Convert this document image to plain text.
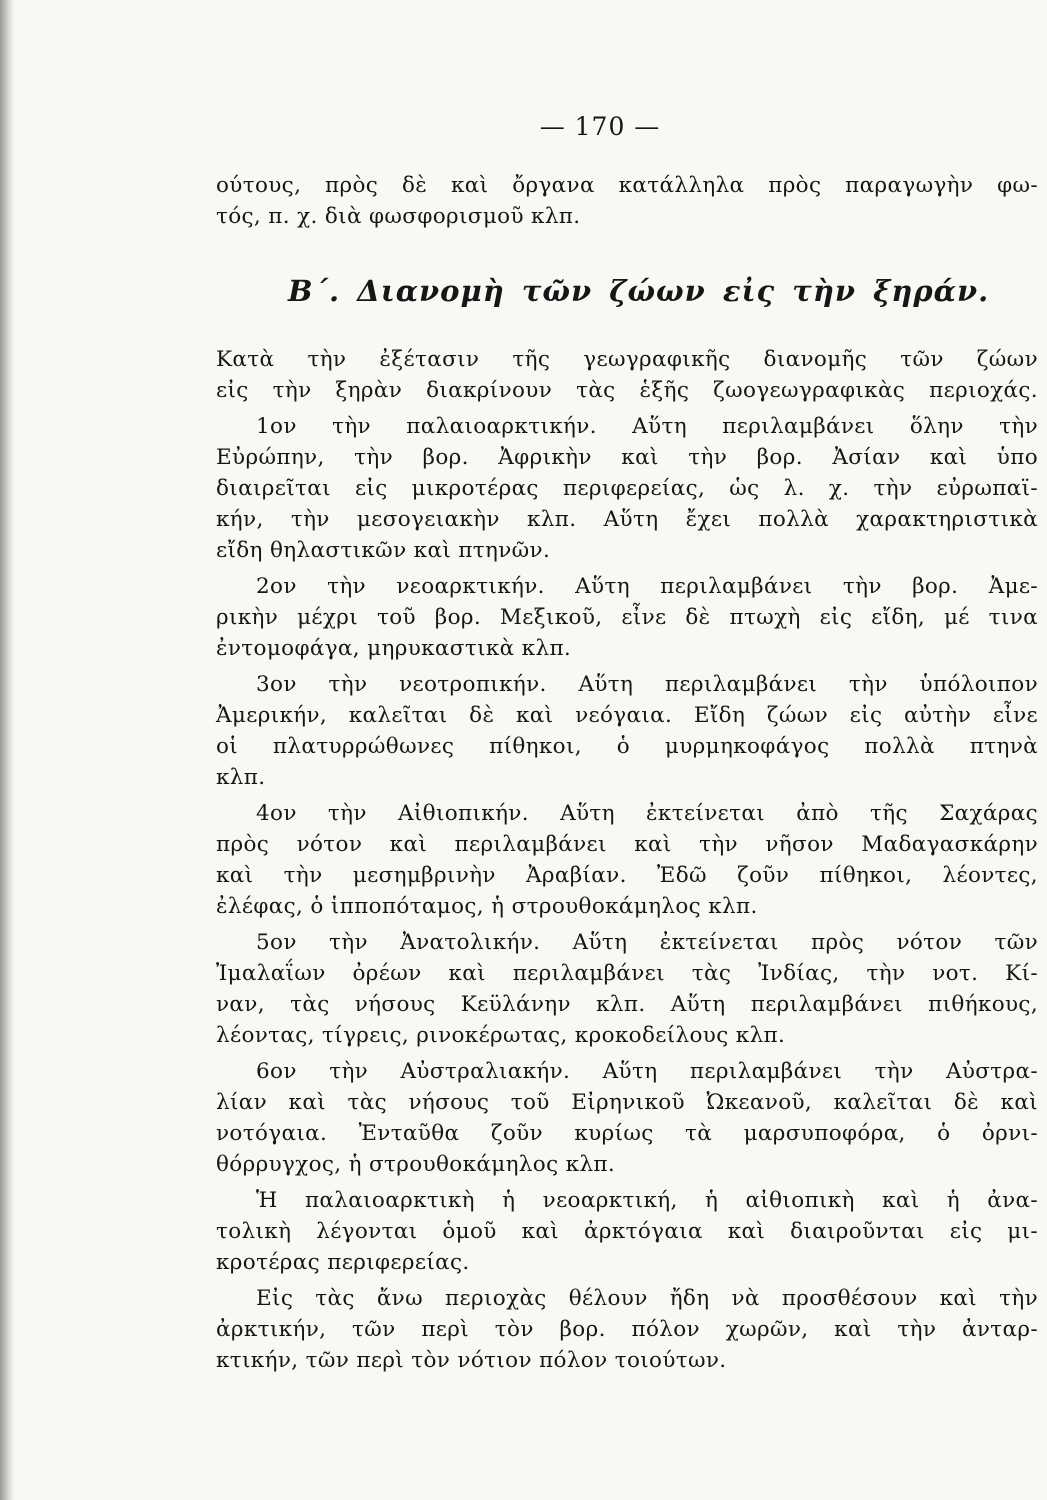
— 170 —
ούτους, πρὸς δὲ καὶ ὄργανα κατάλληλα πρὸς παραγωγὴν φω-
τός, π. χ. διὰ φωσφορισμοῦ κλπ.
Β΄. Διανομὴ τῶν ζώων εἰς τὴν ξηράν.
Κατὰ τὴν ἐξέτασιν τῆς γεωγραφικῆς διανομῆς τῶν ζώων
εἰς τὴν ξηρὰν διακρίνουν τὰς ἑξῆς ζωογεωγραφικὰς περιοχάς.
1ον τὴν παλαιοαρκτικήν. Αὕτη περιλαμβάνει ὅλην τὴν
Εὐρώπην, τὴν βορ. Ἀφρικὴν καὶ τὴν βορ. Ἀσίαν καὶ ὑπο
διαιρεῖται εἰς μικροτέρας περιφερείας, ὡς λ. χ. τὴν εὐρωπαϊ-
κήν, τὴν μεσογειακὴν κλπ. Αὕτη ἔχει πολλὰ χαρακτηριστικὰ
εἴδη θηλαστικῶν καὶ πτηνῶν.
2ον τὴν νεοαρκτικήν. Αὕτη περιλαμβάνει τὴν βορ. Ἀμε-
ρικὴν μέχρι τοῦ βορ. Μεξικοῦ, εἶνε δὲ πτωχὴ εἰς εἴδη, μέ τινα
ἐντομοφάγα, μηρυκαστικὰ κλπ.
3ον τὴν νεοτροπικήν. Αὕτη περιλαμβάνει τὴν ὑπόλοιπον
Ἀμερικήν, καλεῖται δὲ καὶ νεόγαια. Εἴδη ζώων εἰς αὐτὴν εἶνε
οἱ πλατυρρώθωνες πίθηκοι, ὁ μυρμηκοφάγος πολλὰ πτηνὰ
κλπ.
4ον τὴν Αἰθιοπικήν. Αὕτη ἐκτείνεται ἀπὸ τῆς Σαχάρας
πρὸς νότον καὶ περιλαμβάνει καὶ τὴν νῆσον Μαδαγασκάρην
καὶ τὴν μεσημβρινὴν Ἀραβίαν. Ἐδῶ ζοῦν πίθηκοι, λέοντες,
ἐλέφας, ὁ ἱπποπόταμος, ἡ στρουθοκάμηλος κλπ.
5ον τὴν Ἀνατολικήν. Αὕτη ἐκτείνεται πρὸς νότον τῶν
Ἰμαλαΐων ὀρέων καὶ περιλαμβάνει τὰς Ἰνδίας, τὴν νοτ. Κί-
ναν, τὰς νήσους Κεϋλάνην κλπ. Αὕτη περιλαμβάνει πιθήκους,
λέοντας, τίγρεις, ρινοκέρωτας, κροκοδείλους κλπ.
6ον τὴν Αὐστραλιακήν. Αὕτη περιλαμβάνει τὴν Αὐστρα-
λίαν καὶ τὰς νήσους τοῦ Εἰρηνικοῦ Ὠκεανοῦ, καλεῖται δὲ καὶ
νοτόγαια. Ἐνταῦθα ζοῦν κυρίως τὰ μαρσυποφόρα, ὁ ὀρνι-
θόρρυγχος, ἡ στρουθοκάμηλος κλπ.
Ἡ παλαιοαρκτικὴ ἡ νεοαρκτική, ἡ αἰθιοπικὴ καὶ ἡ ἀνα-
τολικὴ λέγονται ὁμοῦ καὶ ἀρκτόγαια καὶ διαιροῦνται εἰς μι-
κροτέρας περιφερείας.
Εἰς τὰς ἄνω περιοχὰς θέλουν ἤδη νὰ προσθέσουν καὶ τὴν
ἀρκτικήν, τῶν περὶ τὸν βορ. πόλον χωρῶν, καὶ τὴν ἀνταρ-
κτικήν, τῶν περὶ τὸν νότιον πόλον τοιούτων.
